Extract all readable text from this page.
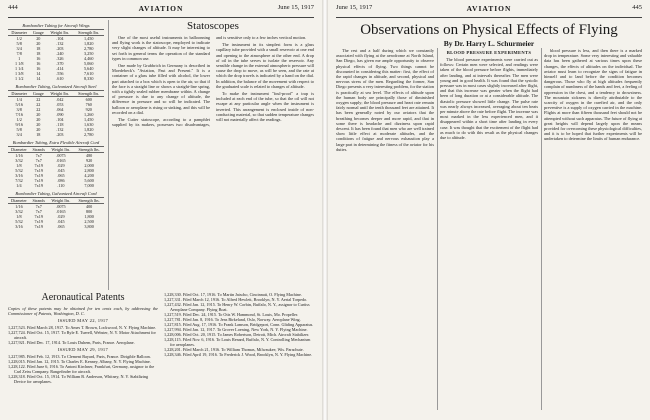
444	AVIATION	June 15, 1917
Bombardier Tubing for Aircraft Wings
Diameter	Gauge	Weight lbs.	Strength lbs.
1/2	20	.104	1,450
5/8	20	.132	1,820
3/4	18	.203	2,780
7/8	18	.240	3,250
1	16	.326	4,460
1 1/8	16	.370	5,060
1 1/4	16	.414	5,640
1 3/8	14	.556	7,610
1 1/2	14	.610	8,330
Bombardier Tubing, Galvanized Aircraft Steel
Diameter	Gauge	Weight lbs.	Strength lbs.
1/4	22	.042	600
5/16	22	.053	760
3/8	22	.064	920
7/16	20	.090	1,260
1/2	20	.104	1,450
9/16	20	.118	1,630
5/8	20	.132	1,820
3/4	18	.203	2,780
Bombardier Tubing, Extra Flexible Aircraft Cord
Diameter	Strands	Weight lbs.	Strength lbs.
1/16	7x7	.0075	480
3/32	7x7	.0165	920
1/8	7x19	.029	2,000
5/32	7x19	.045	2,800
3/16	7x19	.065	4,200
7/32	7x19	.086	5,600
1/4	7x19	.110	7,000
Bombardier Tubing, Galvanized Aircraft Cord
Diameter	Strands	Weight lbs.	Strength lbs.
1/16	7x7	.0075	400
3/32	7x7	.0165	800
1/8	7x19	.029	1,800
5/32	7x19	.045	2,500
3/16	7x19	.065	3,800
Statoscopes

One of the most useful instruments in balloonning and flying work is the statoscope, employed to indicate very slight changes of altitude. It may be interesting to set forth in general terms the operation of the standard types in common use.

One made by Grubbrich in Germany is described in Moedebeck's "Aviation, Past and Present." It is a container of a glass tube filled with alcohol, the lower part attached to a box which is open to the air, so that if the face is a straight line or shows a straight-line spring, with a tightly sealed rubber membrane within. A change of pressure is due to any change of altitude, the difference in pressure and so will be indicated. The balloon or aeroplane is rising or sinking, and this will be recorded on a dial.

The Cutter statoscope, according to a pamphlet supplied by its makers, possesses two disadvantages, and is sensitive only to a few inches vertical motion.

The instrument in its simplest form is a glass capillary tube provided with a small reservoir at one end and opening to the atmosphere at the other end. A drop of oil in the tube serves to isolate the reservoir. Any sensible change in the external atmospheric pressure will cause the drop to move, as will be seen, and the rate at which the drop travels is indicated by a hand on the dial. In addition, the balance of the movement with respect to the graduated scale is related to changes of altitude.

To make the instrument "foul-proof" a trap is included at each end of the tube, so that the oil will not escape at any particular angle when the instrument is inverted. This arrangement is enclosed inside of non-conducting material, so that sudden temperature changes will not materially affect the readings.

Aeronautical Patents

Copies of these patents may be obtained for ten cents each, by addressing the Commissioner of Patents, Washington, D. C.

ISSUED MAY 22, 1917

1,227,523. Filed March 28, 1917. To Ames T. Brown, Lockwood, N. Y. Flying Machine.

1,227,724. Filed Oct. 15, 1917. To Ryle E. Tuerell, Webster, N. Y. Motor Attachment for aircraft.

1,227,921. Filed Dec. 17, 1914. To Louis Duhem, Paris, France. Aeroplane.

ISSUED MAY 29, 1917

1,227,985. Filed Feb. 12, 1913. To Clement Bayard, Paris, France. Dirigible Balloon.

1,228,015. Filed Jan. 12, 1915. To Charles E. Kenney, Albany, N. Y. Flying Machine.

1,228,122. Filed June 6, 1916. To Antoni Kirchner, Frankfurt, Germany, assignor to the Carl Zeiss Company. Rangefinder for aircraft.

1,228,318. Filed Oct. 15, 1914. To William B. Anderson, Whitney, N. Y. Stabilizing Device for aeroplanes.

1,228,330. Filed Oct. 17, 1916. To Martin Jatscho, Cincinnati, O. Flying Machine.

1,227,331. Filed March 12, 1916. To Alfred Hewlett, Brooklyn, N. Y. Aerial Torpedo.

1,227,432. Filed Jan. 12, 1915. To Henry W. Corbin, Buffalo, N. Y., assignor to Curtiss Aeroplane Company. Flying Boat.

1,227,519. Filed Dec. 24, 1915. To Otis W. Hammond, St. Louis, Mo. Propeller.

1,227,781. Filed Jan. 8, 1916. To Jens Birkeland, Oslo, Norway. Aeroplane Wing.

1,227,815. Filed Aug. 17, 1916. To Frank Lamson, Bridgeport, Conn. Gliding Apparatus.

1,227,994. Filed Jan. 12, 1917. To Grover Loening, New York, N. Y. Flying Machine.

1,228,006. Filed Oct. 20, 1915. To James Robertson, Detroit, Mich. Aircraft Stabilizer.

1,228,115. Filed Nov. 6, 1916. To Louis Renard, Buffalo, N. Y. Controlling Mechanism for aeroplanes.

1,228,201. Filed March 21, 1916. To William Thomas, Milwaukee, Wis. Parachute.

1,228,346. Filed April 19, 1916. To Frederick J. Wood, Brooklyn, N. Y. Flying Machine.

June 15, 1917	AVIATION	445
Observations on Physical Effects of Flying
By Dr. Harry L. Schurmeier

The rest and a half during which we constantly associated with flying at the aerodrome at North Island, San Diego, has given me ample opportunity to observe physical effects of flying. Two things cannot be discounted in considering this matter: first, the effect of the rapid changes in altitude, and second, physical and nervous stress of the men. Regarding the former, San Diego presents a very interesting problem, for the station is practically at sea level. The effects of altitude upon the human body are principally those of diminished oxygen supply; the blood pressure and heart rate remain fairly normal until the tenth thousand feet are attained. It has been generally noted by our aviators that the breathing becomes deeper and more rapid, and that in some there is headache and dizziness upon rapid descent. It has been found that men who are well trained show little effect at moderate altitudes, and the conditions of fatigue and nervous exhaustion play a large part in determining the fitness of the aviator for his duties.

BLOOD PRESSURE EXPERIMENTS

The blood pressure experiments were carried out as follows: Certain men were selected, and readings were taken of the blood pressure before flights, immediately after landing, and at intervals thereafter. The men were young and in good health. It was found that the systolic pressure was in most cases slightly increased after flight, and that this increase was greater when the flight had been of long duration or at a considerable altitude. The diastolic pressure showed little change. The pulse rate was nearly always increased, averaging about ten beats per minute above the rate before flight. The increase was most marked in the less experienced men, and it disappeared within a short time after landing in every case. It was thought that the excitement of the flight had as much to do with this result as the physical changes due to altitude.

blood pressure is less, and then there is a marked drop in temperature. Some very interesting and valuable data has been gathered at various times upon these changes, the effects of altitudes on the individual. The aviator must learn to recognize the signs of fatigue in himself and to land before the condition becomes dangerous. Those who fly at high altitudes frequently complain of numbness of the hands and feet, a feeling of oppression in the chest, and a tendency to drowsiness. The mountain sickness is directly attributable to the scarcity of oxygen in the rarefied air, and the only preventive is a supply of oxygen carried in the machine. Flights at more than fifteen thousand feet should not be attempted without such apparatus. The future of flying at great heights will depend largely upon the means provided for overcoming these physiological difficulties, and it is to be hoped that further experiments will be undertaken to determine the limits of human endurance.
